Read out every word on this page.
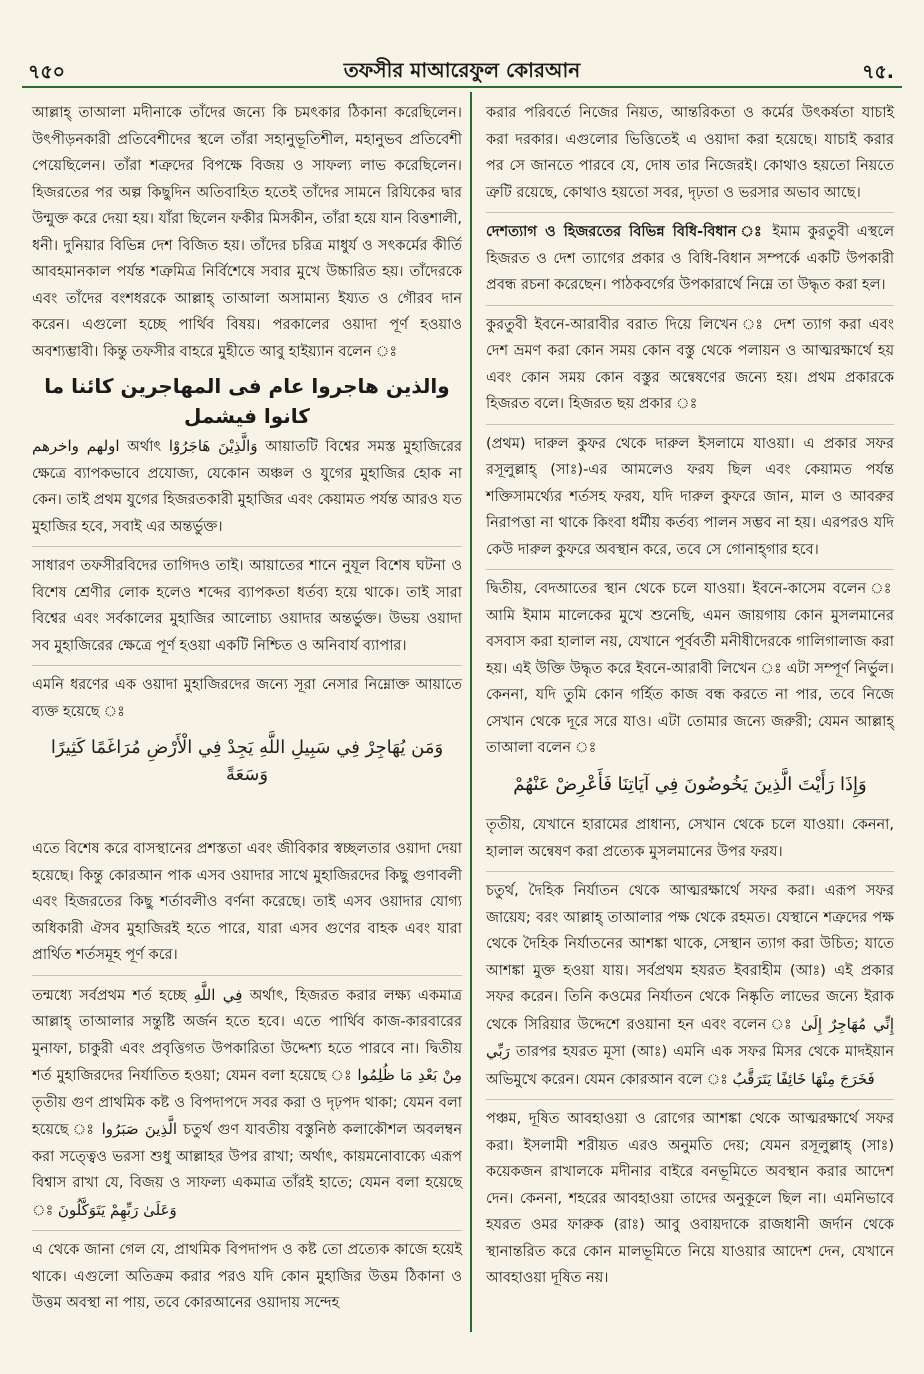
৭৫০	তফসীর মাআরেফুল কোরআন	৭৫.

আল্লাহ্ তাআলা মদীনাকে তাঁদের জন্যে কি চমৎকার ঠিকানা করেছিলেন। উৎপীড়নকারী প্রতিবেশীদের স্থলে তাঁরা সহানুভূতিশীল, মহানুভব প্রতিবেশী পেয়েছিলেন। তাঁরা শত্রুদের বিপক্ষে বিজয় ও সাফল্য লাভ করেছিলেন। হিজরতের পর অল্প কিছুদিন অতিবাহিত হতেই তাঁদের সামনে রিযিকের দ্বার উন্মুক্ত করে দেয়া হয়। যাঁরা ছিলেন ফকীর মিসকীন, তাঁরা হয়ে যান বিত্তশালী, ধনী। দুনিয়ার বিভিন্ন দেশ বিজিত হয়। তাঁদের চরিত্র মাধুর্য ও সৎকর্মের কীর্তি আবহমানকাল পর্যন্ত শত্রুমিত্র নির্বিশেষে সবার মুখে উচ্চারিত হয়। তাঁদেরকে এবং তাঁদের বংশধরকে আল্লাহ্ তাআলা অসামান্য ইয্যত ও গৌরব দান করেন। এগুলো হচ্ছে পার্থিব বিষয়। পরকালের ওয়াদা পূর্ণ হওয়াও অবশ্যম্ভাবী। কিন্তু তফসীর বাহরে মুহীতে আবু হাইয়্যান বলেন ঃ

والذين هاجروا عام فى المهاجرين كائنا ما كانوا فيشمل

اولهم واخرهم অর্থাৎ وَالَّذِيْنَ هَاجَرُوْا আয়াতটি বিশ্বের সমস্ত মুহাজিরের ক্ষেত্রে ব্যাপকভাবে প্রযোজ্য, যেকোন অঞ্চল ও যুগের মুহাজির হোক না কেন। তাই প্রথম যুগের হিজরতকারী মুহাজির এবং কেয়ামত পর্যন্ত আরও যত মুহাজির হবে, সবাই এর অন্তর্ভুক্ত।

সাধারণ তফসীরবিদের তাগিদও তাই। আয়াতের শানে নুযূল বিশেষ ঘটনা ও বিশেষ শ্রেণীর লোক হলেও শব্দের ব্যাপকতা ধর্তব্য হয়ে থাকে। তাই সারা বিশ্বের এবং সর্বকালের মুহাজির আলোচ্য ওয়াদার অন্তর্ভুক্ত। উভয় ওয়াদা সব মুহাজিরের ক্ষেত্রে পূর্ণ হওয়া একটি নিশ্চিত ও অনিবার্য ব্যাপার।

এমনি ধরণের এক ওয়াদা মুহাজিরদের জন্যে সূরা নেসার নিম্নোক্ত আয়াতে ব্যক্ত হয়েছে ঃ

وَمَن يُهَاجِرْ فِي سَبِيلِ اللَّهِ يَجِدْ فِي الْأَرْضِ مُرَاغَمًا كَثِيرًا وَسَعَةً

এতে বিশেষ করে বাসস্থানের প্রশস্ততা এবং জীবিকার স্বচ্ছলতার ওয়াদা দেয়া হয়েছে। কিন্তু কোরআন পাক এসব ওয়াদার সাথে মুহাজিরদের কিছু গুণাবলী এবং হিজরতের কিছু শর্তাবলীও বর্ণনা করেছে। তাই এসব ওয়াদার যোগ্য অধিকারী ঐসব মুহাজিরই হতে পারে, যারা এসব গুণের বাহক এবং যারা প্রার্থিত শর্তসমূহ পূর্ণ করে।

তন্মধ্যে সর্বপ্রথম শর্ত হচ্ছে فِي اللَّهِ অর্থাৎ, হিজরত করার লক্ষ্য একমাত্র আল্লাহ্ তাআলার সন্তুষ্টি অর্জন হতে হবে। এতে পার্থিব কাজ-কারবারের মুনাফা, চাকুরী এবং প্রবৃত্তিগত উপকারিতা উদ্দেশ্য হতে পারবে না। দ্বিতীয় শর্ত মুহাজিরদের নির্যাতিত হওয়া; যেমন বলা হয়েছে ঃ مِنْ بَعْدِ مَا ظُلِمُوا তৃতীয় গুণ প্রাথমিক কষ্ট ও বিপদাপদে সবর করা ও দৃঢ়পদ থাকা; যেমন বলা হয়েছে ঃ الَّذِينَ صَبَرُوا চতুর্থ গুণ যাবতীয় বস্তুনিষ্ঠ কলাকৌশল অবলম্বন করা সত্ত্বেও ভরসা শুধু আল্লাহর উপর রাখা; অর্থাৎ, কায়মনোবাক্যে এরূপ বিশ্বাস রাখা যে, বিজয় ও সাফল্য একমাত্র তাঁরই হাতে; যেমন বলা হয়েছে ঃ وَعَلَىٰ رَبِّهِمْ يَتَوَكَّلُونَ

এ থেকে জানা গেল যে, প্রাথমিক বিপদাপদ ও কষ্ট তো প্রত্যেক কাজে হয়েই থাকে। এগুলো অতিক্রম করার পরও যদি কোন মুহাজির উত্তম ঠিকানা ও উত্তম অবস্থা না পায়, তবে কোরআনের ওয়াদায় সন্দেহ

করার পরিবর্তে নিজের নিয়ত, আন্তরিকতা ও কর্মের উৎকর্ষতা যাচাই করা দরকার। এগুলোর ভিত্তিতেই এ ওয়াদা করা হয়েছে। যাচাই করার পর সে জানতে পারবে যে, দোষ তার নিজেরই। কোথাও হয়তো নিয়তে ত্রুটি রয়েছে, কোথাও হয়তো সবর, দৃঢ়তা ও ভরসার অভাব আছে।

দেশত্যাগ ও হিজরতের বিভিন্ন বিধি-বিধান ঃ ইমাম কুরতুবী এস্থলে হিজরত ও দেশ ত্যাগের প্রকার ও বিধি-বিধান সম্পর্কে একটি উপকারী প্রবন্ধ রচনা করেছেন। পাঠকবর্গের উপকারার্থে নিম্নে তা উদ্ধৃত করা হল।

কুরতুবী ইবনে-আরাবীর বরাত দিয়ে লিখেন ঃ দেশ ত্যাগ করা এবং দেশ ভ্রমণ করা কোন সময় কোন বস্তু থেকে পলায়ন ও আত্মরক্ষার্থে হয় এবং কোন সময় কোন বস্তুর অন্বেষণের জন্যে হয়। প্রথম প্রকারকে হিজরত বলে। হিজরত ছয় প্রকার ঃ

(প্রথম) দারুল কুফর থেকে দারুল ইসলামে যাওয়া। এ প্রকার সফর রসূলুল্লাহ্ (সাঃ)-এর আমলেও ফরয ছিল এবং কেয়ামত পর্যন্ত শক্তিসামর্থ্যের শর্তসহ ফরয, যদি দারুল কুফরে জান, মাল ও আবরুর নিরাপত্তা না থাকে কিংবা ধর্মীয় কর্তব্য পালন সম্ভব না হয়। এরপরও যদি কেউ দারুল কুফরে অবস্থান করে, তবে সে গোনাহ্গার হবে।

দ্বিতীয়, বেদআতের স্থান থেকে চলে যাওয়া। ইবনে-কাসেম বলেন ঃ আমি ইমাম মালেকের মুখে শুনেছি, এমন জায়গায় কোন মুসলমানের বসবাস করা হালাল নয়, যেখানে পূর্ববর্তী মনীষীদেরকে গালিগালাজ করা হয়। এই উক্তি উদ্ধৃত করে ইবনে-আরাবী লিখেন ঃ এটা সম্পূর্ণ নির্ভুল। কেননা, যদি তুমি কোন গর্হিত কাজ বন্ধ করতে না পার, তবে নিজে সেখান থেকে দূরে সরে যাও। এটা তোমার জন্যে জরুরী; যেমন আল্লাহ্ তাআলা বলেন ঃ

وَإِذَا رَأَيْتَ الَّذِينَ يَخُوضُونَ فِي آيَاتِنَا فَأَعْرِضْ عَنْهُمْ

তৃতীয়, যেখানে হারামের প্রাধান্য, সেখান থেকে চলে যাওয়া। কেননা, হালাল অন্বেষণ করা প্রত্যেক মুসলমানের উপর ফরয।

চতুর্থ, দৈহিক নির্যাতন থেকে আত্মরক্ষার্থে সফর করা। এরূপ সফর জায়েয; বরং আল্লাহ্ তাআলার পক্ষ থেকে রহমত। যেস্থানে শত্রুদের পক্ষ থেকে দৈহিক নির্যাতনের আশঙ্কা থাকে, সেস্থান ত্যাগ করা উচিত; যাতে আশঙ্কা মুক্ত হওয়া যায়। সর্বপ্রথম হযরত ইবরাহীম (আঃ) এই প্রকার সফর করেন। তিনি কওমের নির্যাতন থেকে নিষ্কৃতি লাভের জন্যে ইরাক থেকে সিরিয়ার উদ্দেশে রওয়ানা হন এবং বলেন ঃ إِنِّي مُهَاجِرٌ إِلَىٰ رَبِّي তারপর হযরত মূসা (আঃ) এমনি এক সফর মিসর থেকে মাদইয়ান অভিমুখে করেন। যেমন কোরআন বলে ঃ فَخَرَجَ مِنْهَا خَائِفًا يَتَرَقَّبُ

পঞ্চম, দূষিত আবহাওয়া ও রোগের আশঙ্কা থেকে আত্মরক্ষার্থে সফর করা। ইসলামী শরীয়ত এরও অনুমতি দেয়; যেমন রসূলুল্লাহ্ (সাঃ) কয়েকজন রাখালকে মদীনার বাইরে বনভূমিতে অবস্থান করার আদেশ দেন। কেননা, শহরের আবহাওয়া তাদের অনুকূলে ছিল না। এমনিভাবে হযরত ওমর ফারুক (রাঃ) আবু ওবায়দাকে রাজধানী জর্দান থেকে স্থানান্তরিত করে কোন মালভূমিতে নিয়ে যাওয়ার আদেশ দেন, যেখানে আবহাওয়া দূষিত নয়।
